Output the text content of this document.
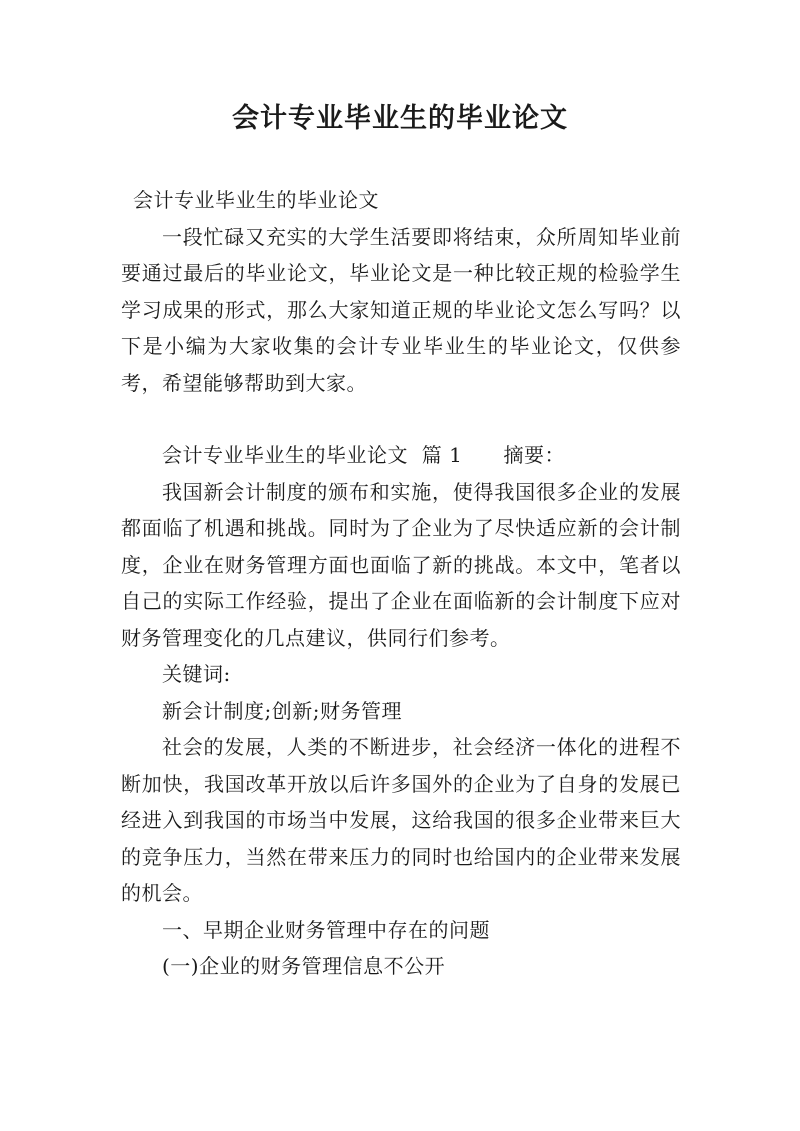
会计专业毕业生的毕业论文

会计专业毕业生的毕业论文

一段忙碌又充实的大学生活要即将结束，众所周知毕业前要通过最后的毕业论文，毕业论文是一种比较正规的检验学生学习成果的形式，那么大家知道正规的毕业论文怎么写吗？以下是小编为大家收集的会计专业毕业生的毕业论文，仅供参考，希望能够帮助到大家。

会计专业毕业生的毕业论文  篇 1      摘要：

我国新会计制度的颁布和实施，使得我国很多企业的发展都面临了机遇和挑战。同时为了企业为了尽快适应新的会计制度，企业在财务管理方面也面临了新的挑战。本文中，笔者以自己的实际工作经验，提出了企业在面临新的会计制度下应对财务管理变化的几点建议，供同行们参考。

关键词:

新会计制度;创新;财务管理

社会的发展，人类的不断进步，社会经济一体化的进程不断加快，我国改革开放以后许多国外的企业为了自身的发展已经进入到我国的市场当中发展，这给我国的很多企业带来巨大的竞争压力，当然在带来压力的同时也给国内的企业带来发展的机会。

一、早期企业财务管理中存在的问题

(一)企业的财务管理信息不公开
